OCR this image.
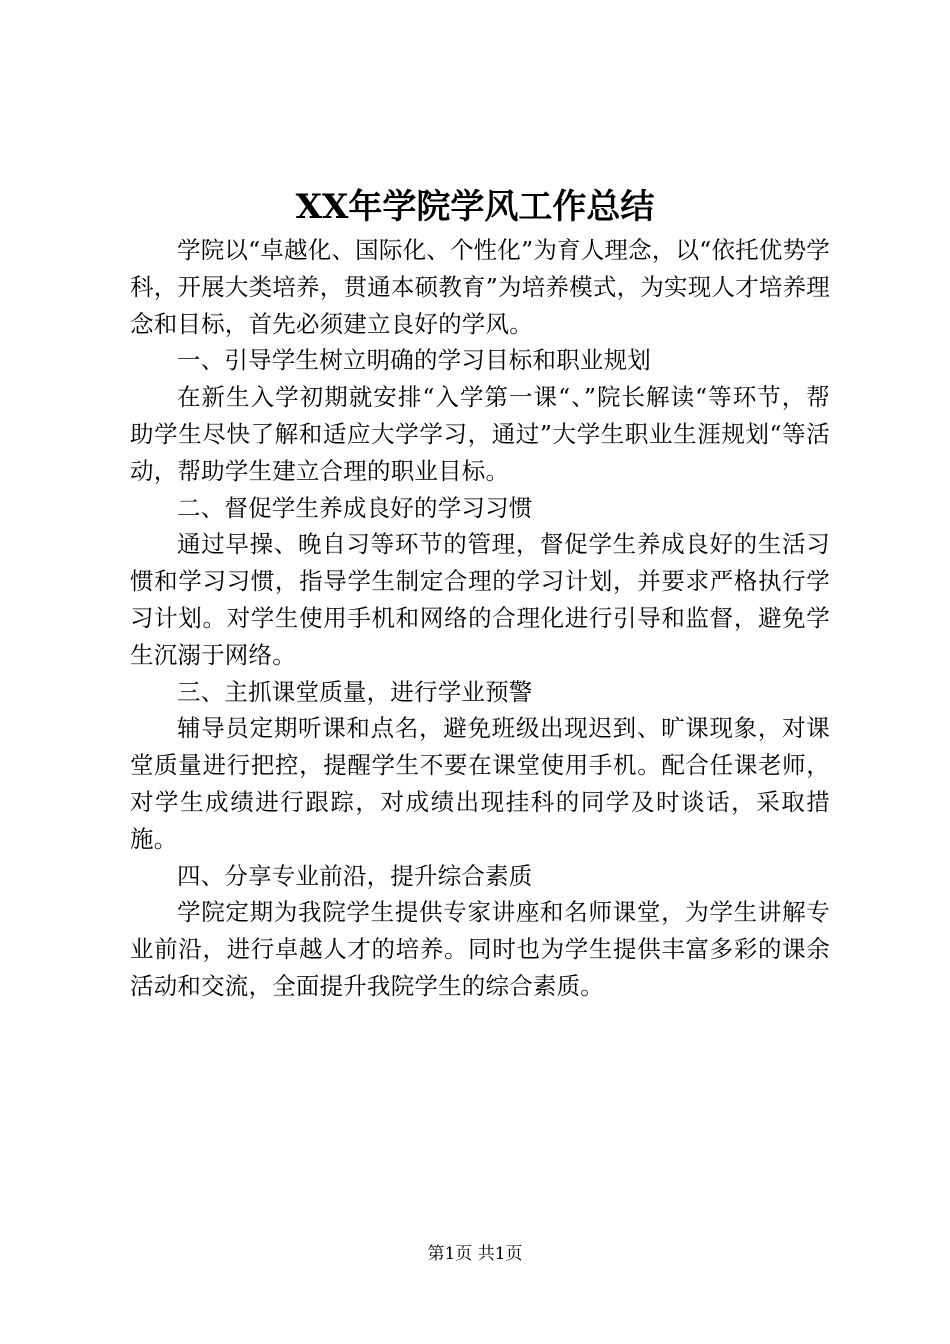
XX年学院学风工作总结

学院以“卓越化、国际化、个性化”为育人理念，以“依托优势学科，开展大类培养，贯通本硕教育”为培养模式，为实现人才培养理念和目标，首先必须建立良好的学风。

一、引导学生树立明确的学习目标和职业规划

在新生入学初期就安排“入学第一课“、”院长解读“等环节，帮助学生尽快了解和适应大学学习，通过”大学生职业生涯规划“等活动，帮助学生建立合理的职业目标。

二、督促学生养成良好的学习习惯

通过早操、晚自习等环节的管理，督促学生养成良好的生活习惯和学习习惯，指导学生制定合理的学习计划，并要求严格执行学习计划。对学生使用手机和网络的合理化进行引导和监督，避免学生沉溺于网络。

三、主抓课堂质量，进行学业预警

辅导员定期听课和点名，避免班级出现迟到、旷课现象，对课堂质量进行把控，提醒学生不要在课堂使用手机。配合任课老师，对学生成绩进行跟踪，对成绩出现挂科的同学及时谈话，采取措施。

四、分享专业前沿，提升综合素质

学院定期为我院学生提供专家讲座和名师课堂，为学生讲解专业前沿，进行卓越人才的培养。同时也为学生提供丰富多彩的课余活动和交流，全面提升我院学生的综合素质。

第1页 共1页
